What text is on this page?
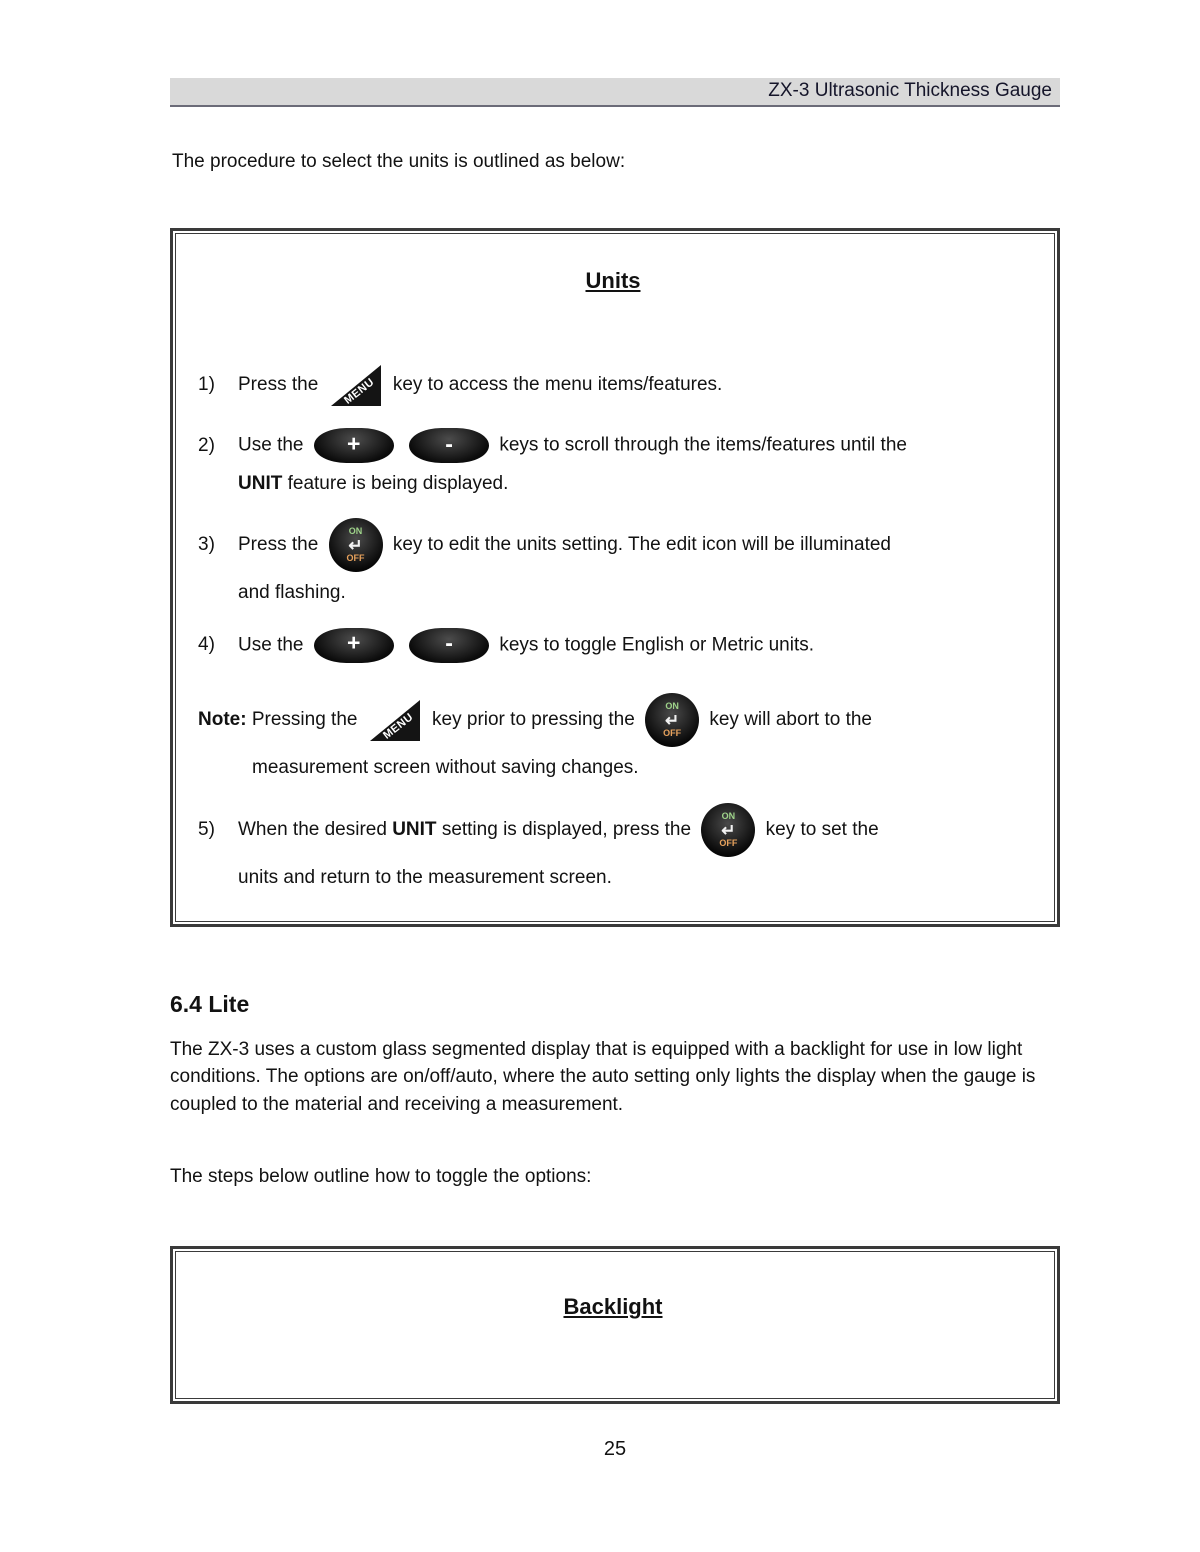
ZX-3 Ultrasonic Thickness Gauge

The procedure to select the units is outlined as below:

Units
1)	Press the MENU key to access the menu items/features.
2)	Use the	+
	-	keys to scroll through the items/features until the
UNIT feature is being displayed.
3)	Press the
ON
↵
OFF
key to edit the units setting. The edit icon will be illuminated
and flashing.
4)	Use the	+
	-	keys to toggle English or Metric units.
Note: Pressing the MENU key prior to pressing the
ON
↵
OFF
key will abort to the
measurement screen without saving changes.
5)	When the desired UNIT setting is displayed, press the
ON
↵
OFF
key to set the
units and return to the measurement screen.
6.4 Lite

The ZX-3 uses a custom glass segmented display that is equipped with a backlight for use in low light conditions. The options are on/off/auto, where the auto setting only lights the display when the gauge is coupled to the material and receiving a measurement.

The steps below outline how to toggle the options:

Backlight
25
